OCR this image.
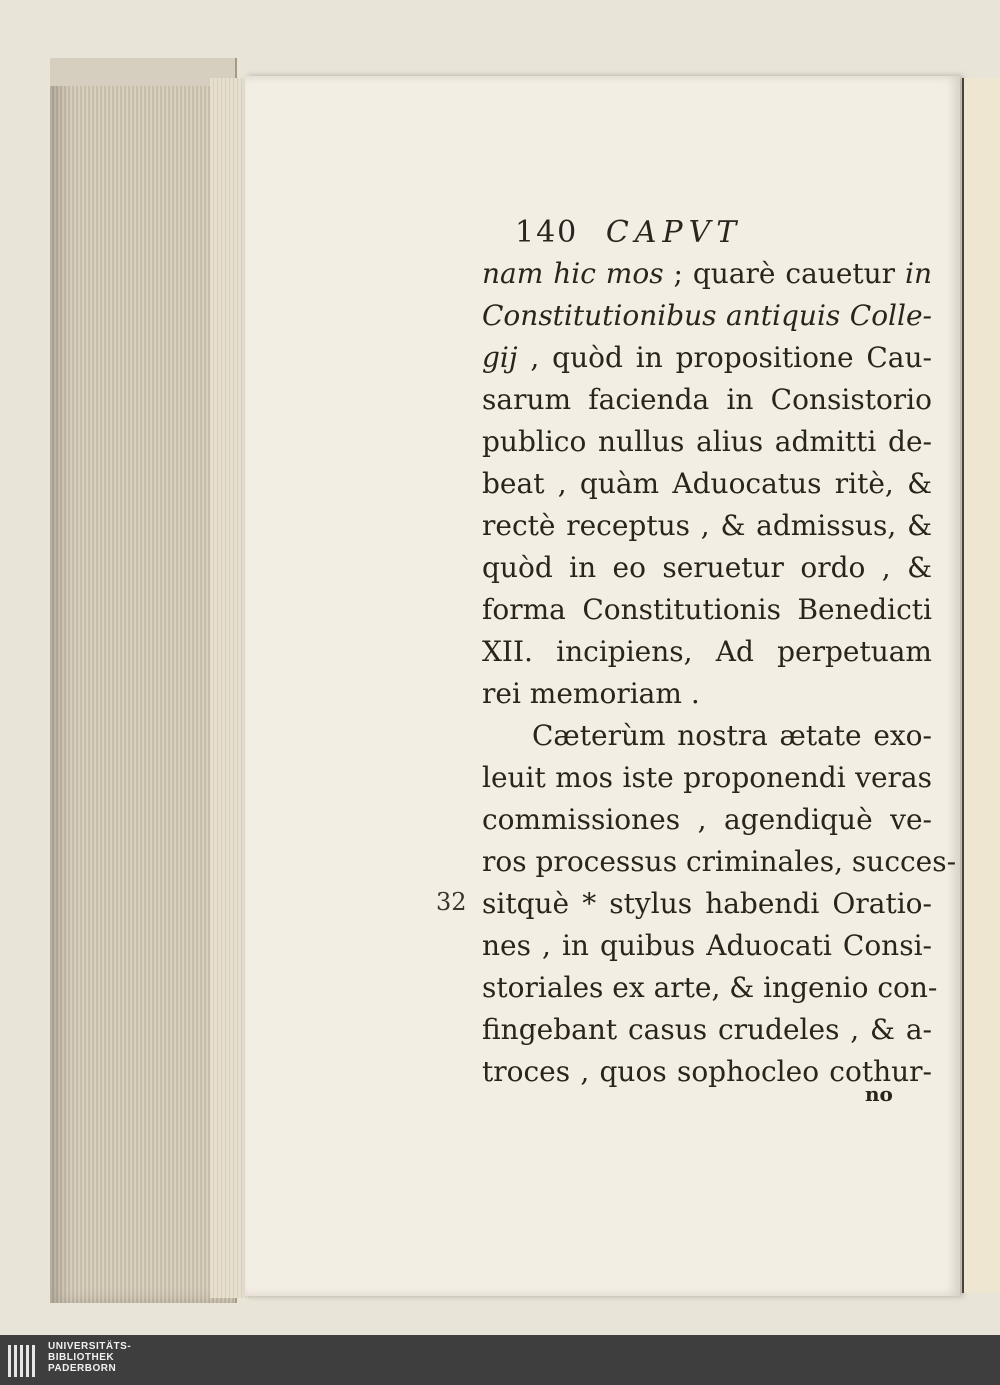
140 CAPVT
nam hic mos ; quarè cauetur in
Constitutionibus antiquis Colle-
gij , quòd in propositione Cau-
sarum facienda in Consistorio
publico nullus alius admitti de-
beat , quàm Aduocatus ritè, &
rectè receptus , & admissus, &
quòd in eo seruetur ordo , &
forma Constitutionis Benedicti
XII. incipiens, Ad perpetuam
rei memoriam .
Cæterùm nostra ætate exo-
leuit mos iste proponendi veras
commissiones , agendiquè ve-
ros processus criminales, succes-
sitquè * stylus habendi Oratio-
nes , in quibus Aduocati Consi-
storiales ex arte, & ingenio con-
fingebant casus crudeles , & a-
troces , quos sophocleo cothur-
32
no
UNIVERSITÄTS-
BIBLIOTHEK
PADERBORN
